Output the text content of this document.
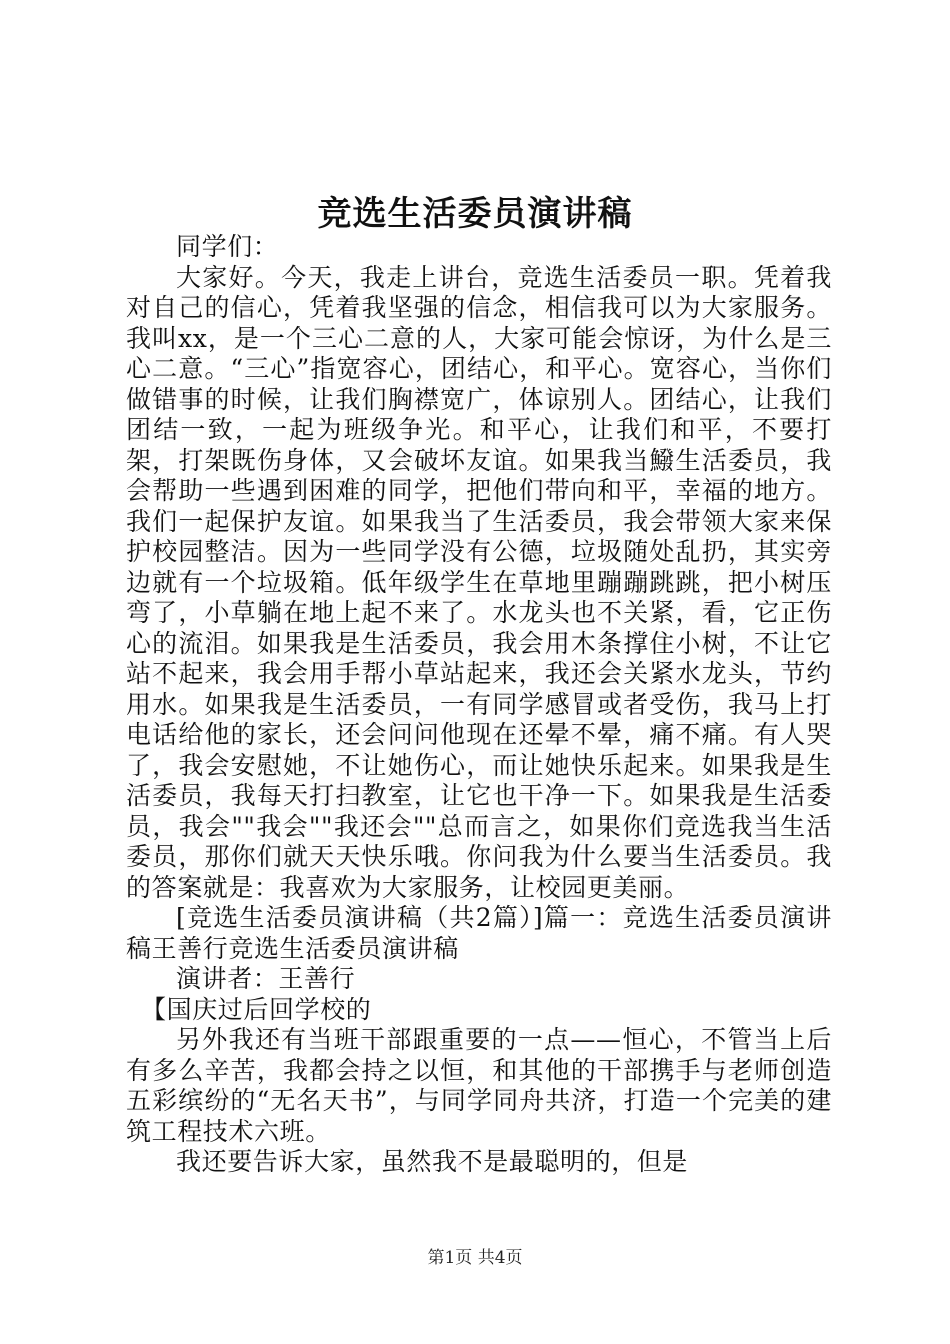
竞选生活委员演讲稿

同学们：

大家好。今天，我走上讲台，竞选生活委员一职。凭着我对自己的信心，凭着我坚强的信念，相信我可以为大家服务。我叫xx，是一个三心二意的人，大家可能会惊讶，为什么是三心二意。“三心”指宽容心，团结心，和平心。宽容心，当你们做错事的时候，让我们胸襟宽广，体谅别人。团结心，让我们团结一致，一起为班级争光。和平心，让我们和平，不要打架，打架既伤身体，又会破坏友谊。如果我当鱍生活委员，我会帮助一些遇到困难的同学，把他们带向和平，幸福的地方。我们一起保护友谊。如果我当了生活委员，我会带领大家来保护校园整洁。因为一些同学没有公德，垃圾随处乱扔，其实旁边就有一个垃圾箱。低年级学生在草地里蹦蹦跳跳，把小树压弯了，小草躺在地上起不来了。水龙头也不关紧，看，它正伤心的流泪。如果我是生活委员，我会用木条撑住小树，不让它站不起来，我会用手帮小草站起来，我还会关紧水龙头，节约用水。如果我是生活委员，一有同学感冒或者受伤，我马上打电话给他的家长，还会问问他现在还晕不晕，痛不痛。有人哭了，我会安慰她，不让她伤心，而让她快乐起来。如果我是生活委员，我每天打扫教室，让它也干净一下。如果我是生活委员，我会""我会""我还会""总而言之，如果你们竞选我当生活委员，那你们就天天快乐哦。你问我为什么要当生活委员。我的答案就是：我喜欢为大家服务，让校园更美丽。

[竞选生活委员演讲稿（共2篇）]篇一：竞选生活委员演讲稿王善行竞选生活委员演讲稿

演讲者：王善行

【国庆过后回学校的

另外我还有当班干部跟重要的一点——恒心，不管当上后有多么辛苦，我都会持之以恒，和其他的干部携手与老师创造五彩缤纷的“无名天书”，与同学同舟共济，打造一个完美的建筑工程技术六班。

我还要告诉大家，虽然我不是最聪明的，但是

第1页 共4页
